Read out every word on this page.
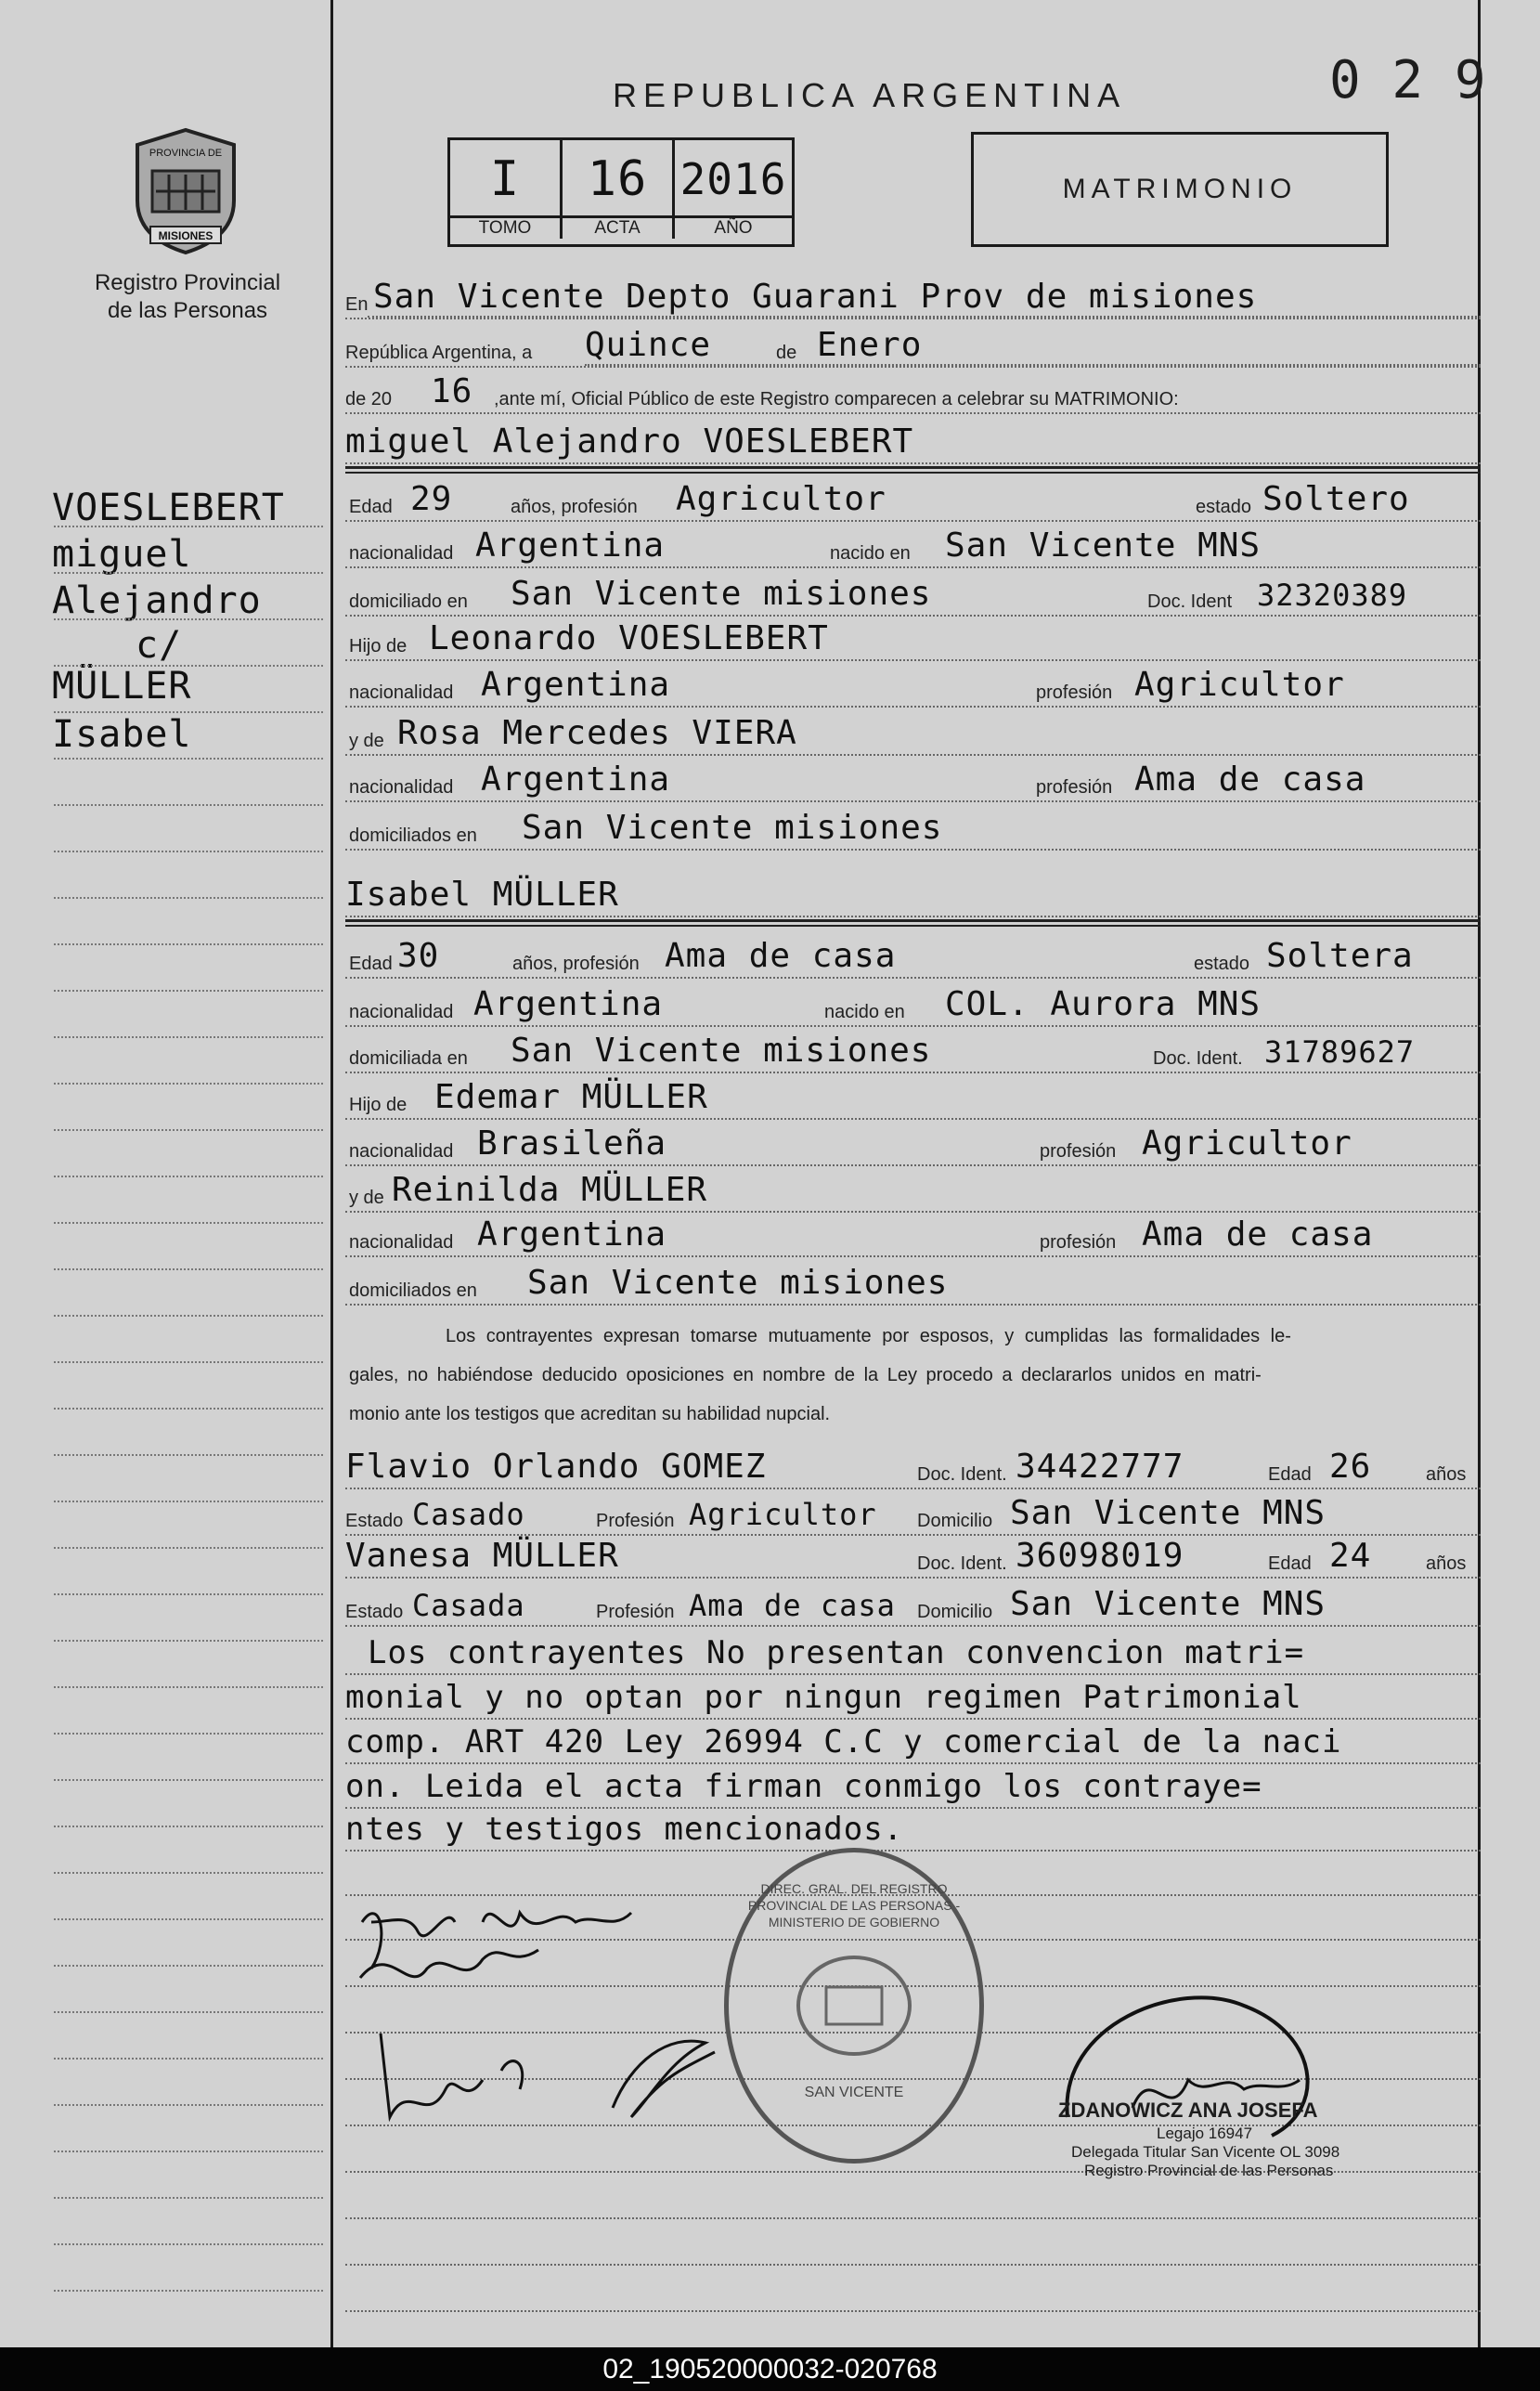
PROVINCIA DE
MISIONES
Registro Provincial de las Personas
REPUBLICA ARGENTINA	0 2 9
I
TOMO
16
ACTA
2016
AÑO
MATRIMONIO
En San Vicente Depto Guarani Prov de misiones
República Argentina, a Quince	de Enero
de 20 16 ,ante mí, Oficial Público de este Registro comparecen a celebrar su MATRIMONIO:
miguel Alejandro VOESLEBERT
Edad 29	años, profesión Agricultor	estado Soltero
nacionalidad Argentina	nacido en San Vicente MNS
domiciliado en San Vicente misiones	Doc. Ident 32320389
Hijo de Leonardo VOESLEBERT
nacionalidad Argentina	profesión Agricultor
y de Rosa Mercedes VIERA
nacionalidad Argentina	profesión Ama de casa
domiciliados en San Vicente misiones
Isabel MÜLLER
Edad 30	años, profesión Ama de casa	estado Soltera
nacionalidad Argentina	nacido en COL. Aurora MNS
domiciliada en San Vicente misiones	Doc. Ident. 31789627
Hijo de Edemar MÜLLER
nacionalidad Brasileña	profesión Agricultor
y de Reinilda MÜLLER
nacionalidad Argentina	profesión Ama de casa
domiciliados en San Vicente misiones
Los contrayentes expresan tomarse mutuamente por esposos, y cumplidas las formalidades le-
gales, no habiéndose deducido oposiciones en nombre de la Ley procedo a declararlos unidos en matri-
monio ante los testigos que acreditan su habilidad nupcial.
Flavio Orlando GOMEZ	Doc. Ident. 34422777	Edad 26	años
Estado Casado	Profesión Agricultor Domicilio San Vicente MNS
Vanesa MÜLLER	Doc. Ident. 36098019	Edad 24	años
Estado Casada	Profesión Ama de casa Domicilio San Vicente MNS
Los contrayentes No presentan convencion matri=
monial y no optan por ningun regimen Patrimonial
comp. ART 420 Ley 26994 C.C y comercial de la naci
on. Leida el acta firman conmigo los contraye=
ntes y testigos mencionados.
DIREC. GRAL. DEL REGISTRO PROVINCIAL DE LAS PERSONAS - MINISTERIO DE GOBIERNO
SAN VICENTE
ZDANOWICZ ANA JOSEFA
Legajo 16947
Delegada Titular San Vicente OL 3098
Registro Provincial de las Personas
VOESLEBERT
miguel
Alejandro
c/
MÜLLER
Isabel
02_190520000032-020768
